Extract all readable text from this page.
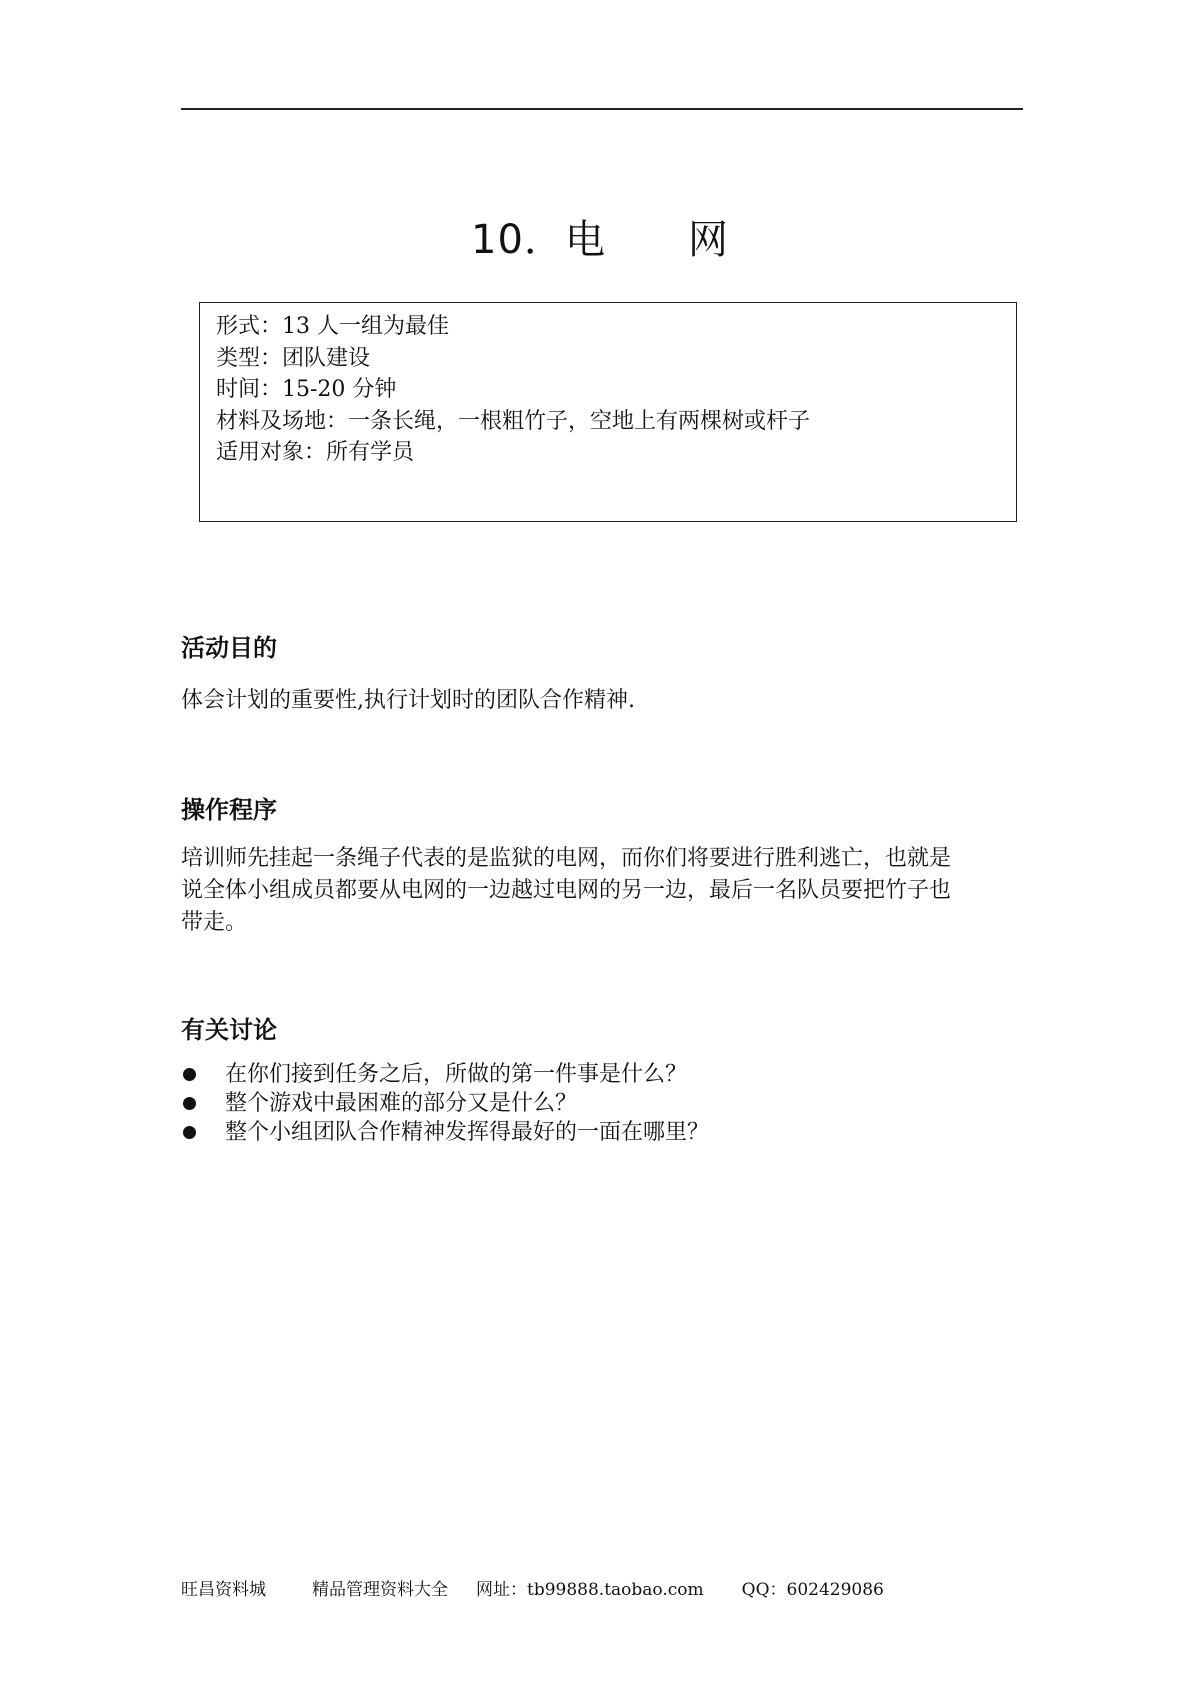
10．电　　网
形式：13 人一组为最佳
类型：团队建设
时间：15-20 分钟
材料及场地：一条长绳，一根粗竹子，空地上有两棵树或杆子
适用对象：所有学员
活动目的
体会计划的重要性,执行计划时的团队合作精神.
操作程序
培训师先挂起一条绳子代表的是监狱的电网，而你们将要进行胜利逃亡，也就是
说全体小组成员都要从电网的一边越过电网的另一边，最后一名队员要把竹子也
带走。
有关讨论
在你们接到任务之后，所做的第一件事是什么？
整个游戏中最困难的部分又是什么？
整个小组团队合作精神发挥得最好的一面在哪里？
旺昌资料城	精品管理资料大全 网址：tb99888.taobao.com QQ：602429086
